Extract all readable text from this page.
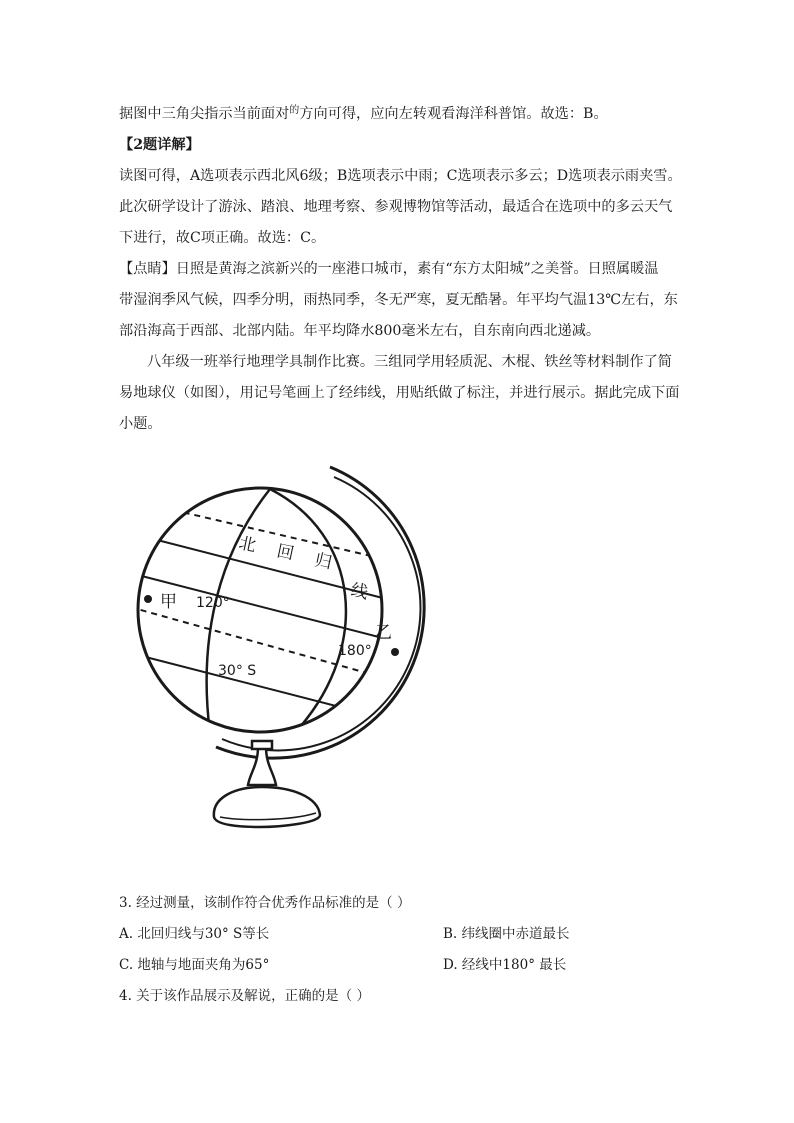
据图中三角尖指示当前面对$^的$方向可得，应向左转观看海洋科普馆。故选：B。
【2题详解】
读图可得，A选项表示西北风6级；B选项表示中雨；C选项表示多云；D选项表示雨夹雪。
此次研学设计了游泳、踏浪、地理考察、参观博物馆等活动，最适合在选项中的多云天气
下进行，故C项正确。故选：C。
【点睛】日照是黄海之滨新兴的一座港口城市，素有“东方太阳城”之美誉。日照属暖温
带湿润季风气候，四季分明，雨热同季，冬无严寒，夏无酷暑。年平均气温13℃左右，东
部沿海高于西部、北部内陆。年平均降水800毫米左右，自东南向西北递减。
八年级一班举行地理学具制作比赛。三组同学用轻质泥、木棍、铁丝等材料制作了简
易地球仪（如图），用记号笔画上了经纬线，用贴纸做了标注，并进行展示。据此完成下面
小题。
北 回 归
线
甲
乙
120°
180°
30° S
3. 经过测量，该制作符合优秀作品标准的是（ ）
A. 北回归线与30° S等长	B. 纬线圈中赤道最长
C. 地轴与地面夹角为65°	D. 经线中180° 最长
4. 关于该作品展示及解说，正确的是（ ）
